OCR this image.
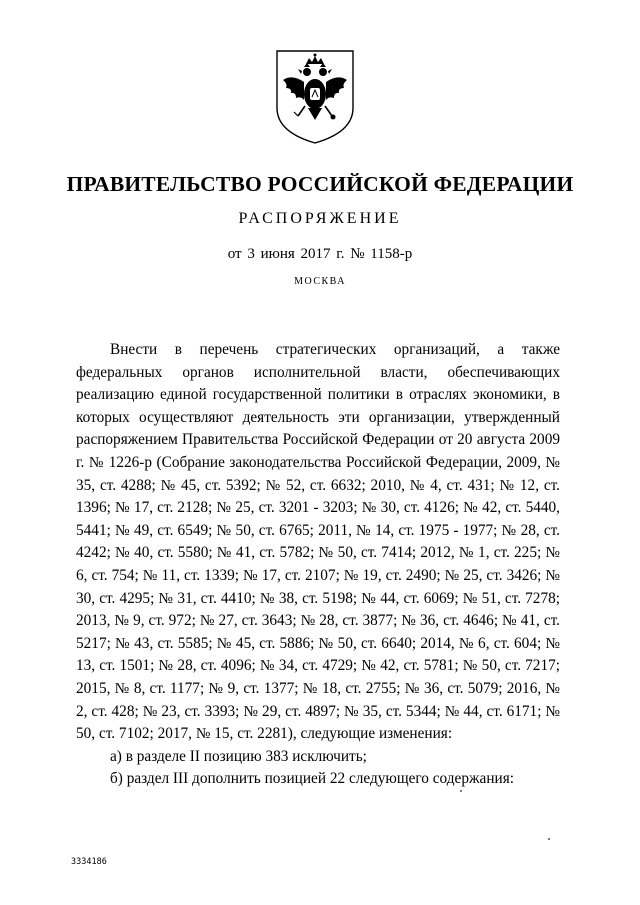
ПРАВИТЕЛЬСТВО РОССИЙСКОЙ ФЕДЕРАЦИИ
РАСПОРЯЖЕНИЕ
от 3 июня 2017 г. № 1158-р
МОСКВА

Внести в перечень стратегических организаций, а также федеральных органов исполнительной власти, обеспечивающих реализацию единой государственной политики в отраслях экономики, в которых осуществляют деятельность эти организации, утвержденный распоряжением Правительства Российской Федерации от 20 августа 2009 г. № 1226-р (Собрание законодательства Российской Федерации, 2009, № 35, ст. 4288; № 45, ст. 5392; № 52, ст. 6632; 2010, № 4, ст. 431; № 12, ст. 1396; № 17, ст. 2128; № 25, ст. 3201 - 3203; № 30, ст. 4126; № 42, ст. 5440, 5441; № 49, ст. 6549; № 50, ст. 6765; 2011, № 14, ст. 1975 - 1977; № 28, ст. 4242; № 40, ст. 5580; № 41, ст. 5782; № 50, ст. 7414; 2012, № 1, ст. 225; № 6, ст. 754; № 11, ст. 1339; № 17, ст. 2107; № 19, ст. 2490; № 25, ст. 3426; № 30, ст. 4295; № 31, ст. 4410; № 38, ст. 5198; № 44, ст. 6069; № 51, ст. 7278; 2013, № 9, ст. 972; № 27, ст. 3643; № 28, ст. 3877; № 36, ст. 4646; № 41, ст. 5217; № 43, ст. 5585; № 45, ст. 5886; № 50, ст. 6640; 2014, № 6, ст. 604; № 13, ст. 1501; № 28, ст. 4096; № 34, ст. 4729; № 42, ст. 5781; № 50, ст. 7217; 2015, № 8, ст. 1177; № 9, ст. 1377; № 18, ст. 2755; № 36, ст. 5079; 2016, № 2, ст. 428; № 23, ст. 3393; № 29, ст. 4897; № 35, ст. 5344; № 44, ст. 6171; № 50, ст. 7102; 2017, № 15, ст. 2281), следующие изменения:

а) в разделе II позицию 383 исключить;

б) раздел III дополнить позицией 22 следующего содержания:

3334186
